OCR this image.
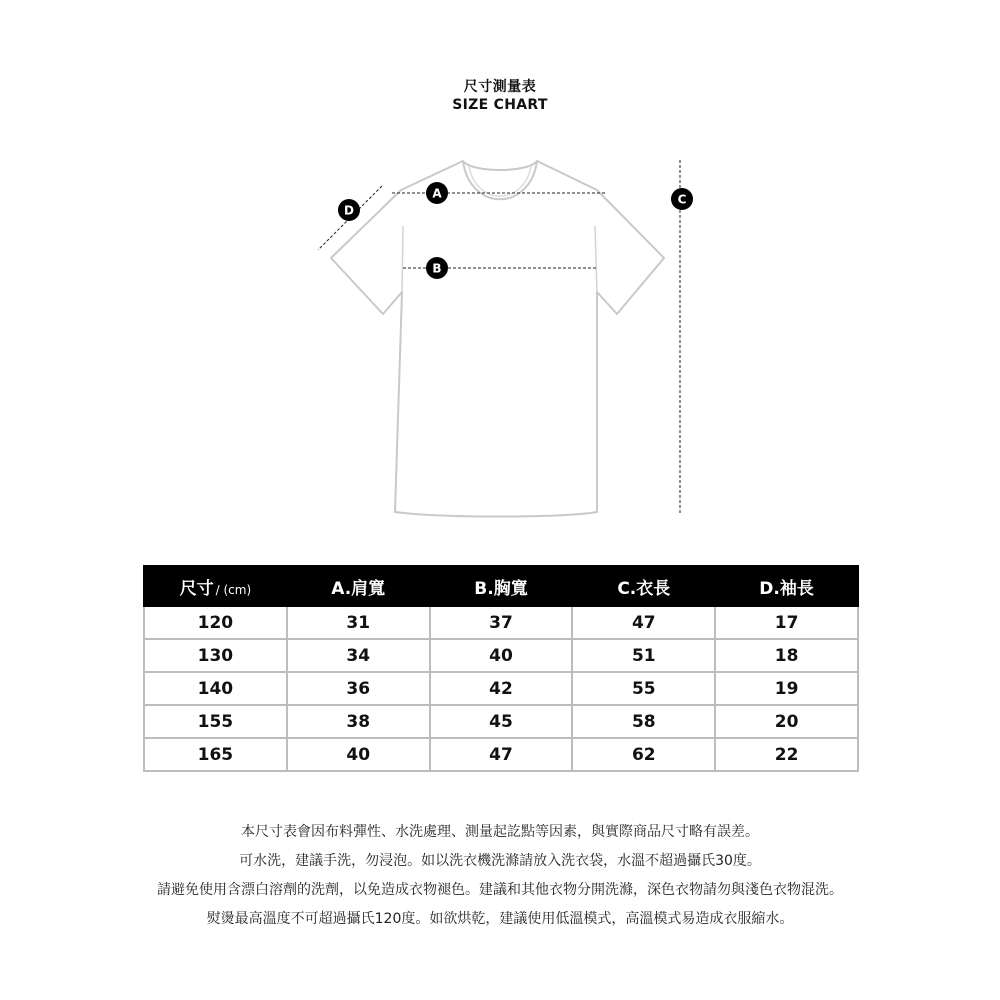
尺寸測量表
SIZE CHART
A
B
C
D
尺寸 / (cm)	A.肩寬	B.胸寬	C.衣長	D.袖長
120	31	37	47	17
130	34	40	51	18
140	36	42	55	19
155	38	45	58	20
165	40	47	62	22
本尺寸表會因布料彈性、水洗處理、測量起訖點等因素，與實際商品尺寸略有誤差。
可水洗，建議手洗，勿浸泡。如以洗衣機洗滌請放入洗衣袋，水溫不超過攝氏30度。
請避免使用含漂白溶劑的洗劑，以免造成衣物褪色。建議和其他衣物分開洗滌，深色衣物請勿與淺色衣物混洗。
熨燙最高溫度不可超過攝氏120度。如欲烘乾，建議使用低溫模式，高溫模式易造成衣服縮水。
